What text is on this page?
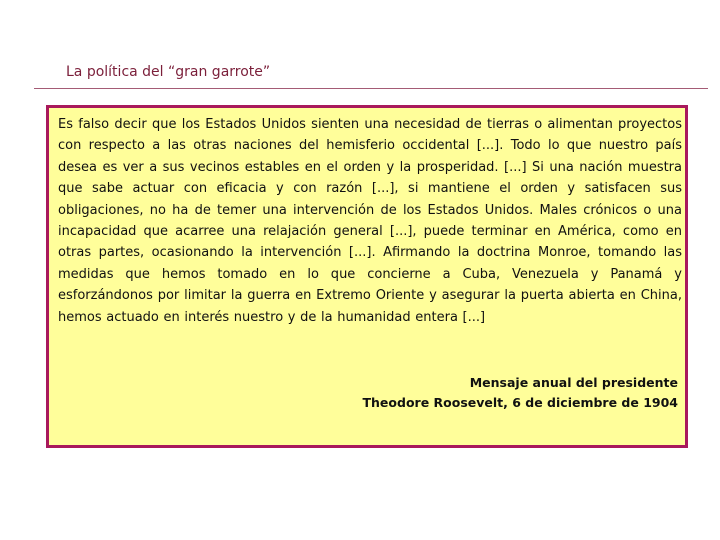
La política del “gran garrote”

Es falso decir que los Estados Unidos sienten una necesidad de tierras o alimentan proyectos con respecto a las otras naciones del hemisferio occidental [...]. Todo lo que nuestro país desea es ver a sus vecinos estables en el orden y la prosperidad. [...] Si una nación muestra que sabe actuar con eficacia y con razón [...], si mantiene el orden y satisfacen sus obligaciones, no ha de temer una intervención de los Estados Unidos. Males crónicos o una incapacidad que acarree una relajación general [...], puede terminar en América, como en otras partes, ocasionando la intervención [...]. Afirmando la doctrina Monroe, tomando las medidas que hemos tomado en lo que concierne a Cuba, Venezuela y Panamá y esforzándonos por limitar la guerra en Extremo Oriente y asegurar la puerta abierta en China, hemos actuado en interés nuestro y de la humanidad entera [...]

Mensaje anual del presidente
Theodore Roosevelt, 6 de diciembre de 1904
